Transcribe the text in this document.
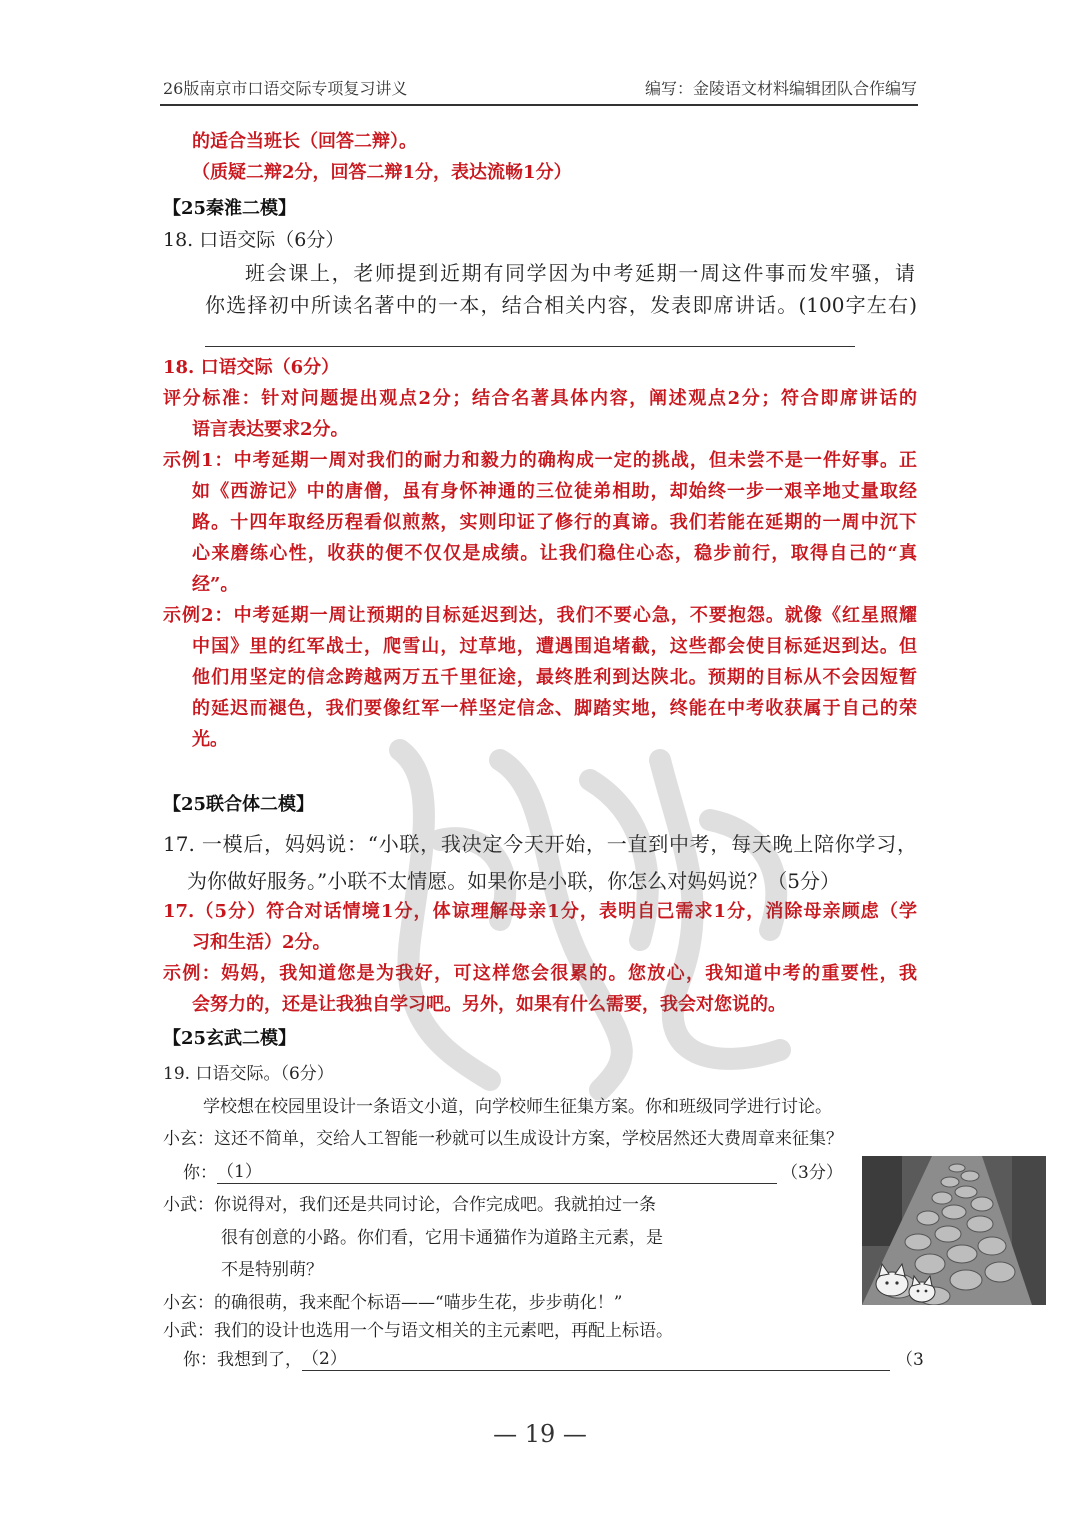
26版南京市口语交际专项复习讲义	编写：金陵语文材料编辑团队合作编写
的适合当班长（回答二辩）。
（质疑二辩2分，回答二辩1分，表达流畅1分）
【25秦淮二模】
18. 口语交际（6分）
班会课上，老师提到近期有同学因为中考延期一周这件事而发牢骚，请
你选择初中所读名著中的一本，结合相关内容，发表即席讲话。(100字左右)
18. 口语交际（6分）
评分标准：针对问题提出观点2分；结合名著具体内容，阐述观点2分；符合即席讲话的
语言表达要求2分。
示例1：中考延期一周对我们的耐力和毅力的确构成一定的挑战，但未尝不是一件好事。正
如《西游记》中的唐僧，虽有身怀神通的三位徒弟相助，却始终一步一艰辛地丈量取经
路。十四年取经历程看似煎熬，实则印证了修行的真谛。我们若能在延期的一周中沉下
心来磨练心性，收获的便不仅仅是成绩。让我们稳住心态，稳步前行，取得自己的“真
经”。
示例2：中考延期一周让预期的目标延迟到达，我们不要心急，不要抱怨。就像《红星照耀
中国》里的红军战士，爬雪山，过草地，遭遇围追堵截，这些都会使目标延迟到达。但
他们用坚定的信念跨越两万五千里征途，最终胜利到达陕北。预期的目标从不会因短暂
的延迟而褪色，我们要像红军一样坚定信念、脚踏实地，终能在中考收获属于自己的荣
光。
【25联合体二模】
17. 一模后，妈妈说：“小联，我决定今天开始，一直到中考，每天晚上陪你学习，
为你做好服务。”小联不太情愿。如果你是小联，你怎么对妈妈说？（5分）
17.（5分）符合对话情境1分，体谅理解母亲1分，表明自己需求1分，消除母亲顾虑（学
习和生活）2分。
示例：妈妈，我知道您是为我好，可这样您会很累的。您放心，我知道中考的重要性，我
会努力的，还是让我独自学习吧。另外，如果有什么需要，我会对您说的。
【25玄武二模】
19. 口语交际。（6分）
学校想在校园里设计一条语文小道，向学校师生征集方案。你和班级同学进行讨论。
小玄：这还不简单，交给人工智能一秒就可以生成设计方案，学校居然还大费周章来征集？
你：（1）	（3分）
小武：你说得对，我们还是共同讨论，合作完成吧。我就拍过一条
很有创意的小路。你们看，它用卡通猫作为道路主元素，是
不是特别萌？
小玄：的确很萌，我来配个标语——“喵步生花，步步萌化！”
小武：我们的设计也选用一个与语文相关的主元素吧，再配上标语。
你：我想到了，（2）	（3
— 19 —
